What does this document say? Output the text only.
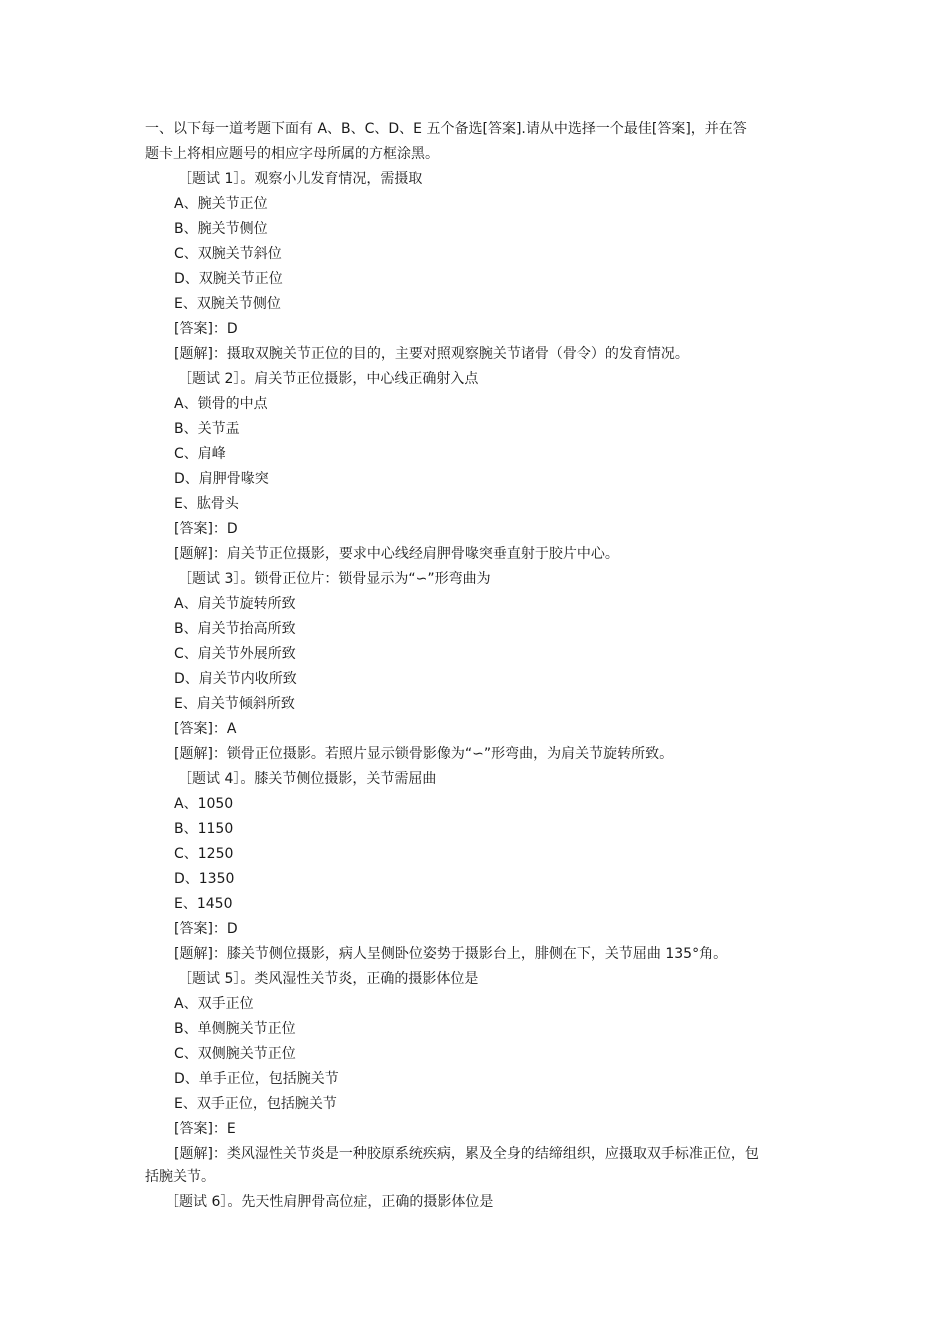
一、以下每一道考题下面有 A、B、C、D、E 五个备选[答案].请从中选择一个最佳[答案]，并在答
题卡上将相应题号的相应字母所属的方框涂黑。
［题试 1］。观察小儿发育情况，需摄取
A、腕关节正位
B、腕关节侧位
C、双腕关节斜位
D、双腕关节正位
E、双腕关节侧位
[答案]：D
[题解]：摄取双腕关节正位的目的，主要对照观察腕关节诸骨（骨令）的发育情况。
［题试 2］。肩关节正位摄影，中心线正确射入点
A、锁骨的中点
B、关节盂
C、肩峰
D、肩胛骨喙突
E、肱骨头
[答案]：D
[题解]：肩关节正位摄影，要求中心线经肩胛骨喙突垂直射于胶片中心。
［题试 3］。锁骨正位片：锁骨显示为“∽”形弯曲为
A、肩关节旋转所致
B、肩关节抬高所致
C、肩关节外展所致
D、肩关节内收所致
E、肩关节倾斜所致
[答案]：A
[题解]：锁骨正位摄影。若照片显示锁骨影像为“∽”形弯曲，为肩关节旋转所致。
［题试 4］。膝关节侧位摄影，关节需屈曲
A、1050
B、1150
C、1250
D、1350
E、1450
[答案]：D
[题解]：膝关节侧位摄影，病人呈侧卧位姿势于摄影台上，腓侧在下，关节屈曲 135°角。
［题试 5］。类风湿性关节炎，正确的摄影体位是
A、双手正位
B、单侧腕关节正位
C、双侧腕关节正位
D、单手正位，包括腕关节
E、双手正位，包括腕关节
[答案]：E
[题解]：类风湿性关节炎是一种胶原系统疾病，累及全身的结缔组织，应摄取双手标准正位，包
括腕关节。
［题试 6］。先天性肩胛骨高位症，正确的摄影体位是
